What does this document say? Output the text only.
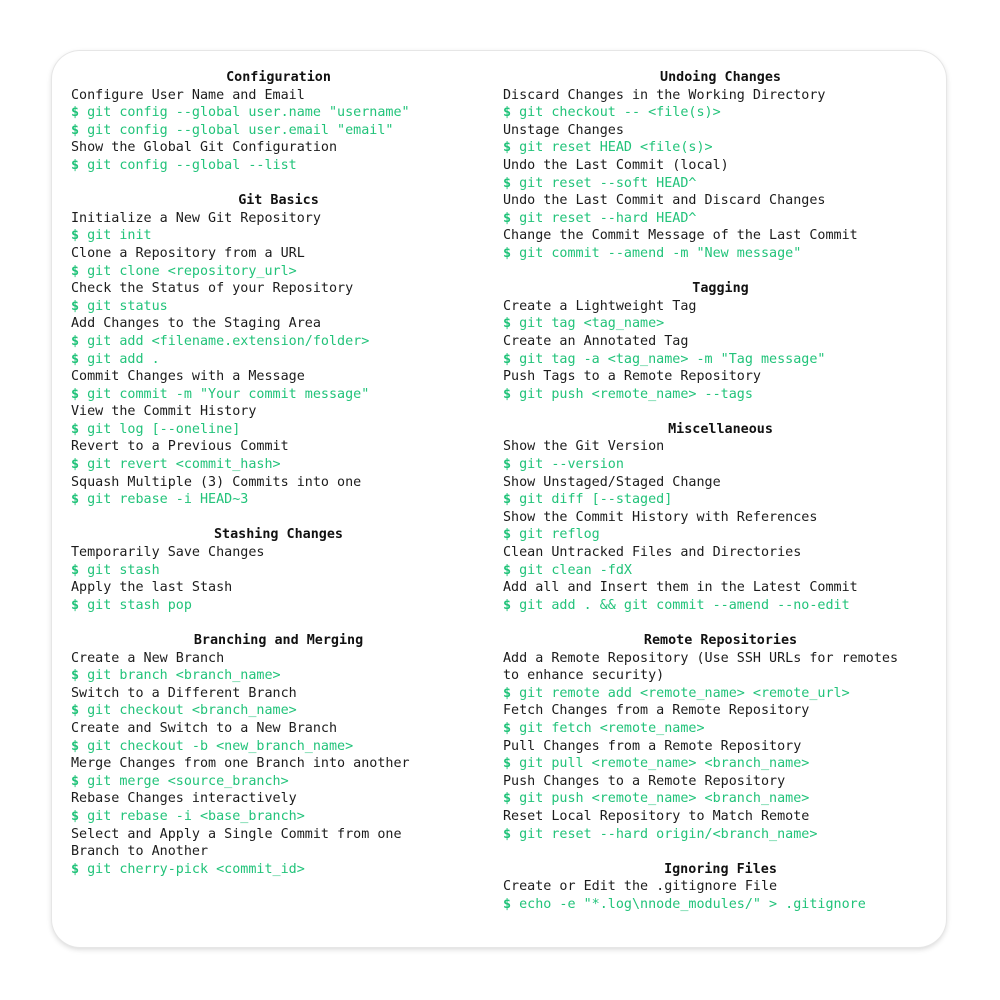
Configuration
Configure User Name and Email
$ git config --global user.name "username"
$ git config --global user.email "email"
Show the Global Git Configuration
$ git config --global --list
Git Basics
Initialize a New Git Repository
$ git init
Clone a Repository from a URL
$ git clone <repository_url>
Check the Status of your Repository
$ git status
Add Changes to the Staging Area
$ git add <filename.extension/folder>
$ git add .
Commit Changes with a Message
$ git commit -m "Your commit message"
View the Commit History
$ git log [--oneline]
Revert to a Previous Commit
$ git revert <commit_hash>
Squash Multiple (3) Commits into one
$ git rebase -i HEAD~3
Stashing Changes
Temporarily Save Changes
$ git stash
Apply the last Stash
$ git stash pop
Branching and Merging
Create a New Branch
$ git branch <branch_name>
Switch to a Different Branch
$ git checkout <branch_name>
Create and Switch to a New Branch
$ git checkout -b <new_branch_name>
Merge Changes from one Branch into another
$ git merge <source_branch>
Rebase Changes interactively
$ git rebase -i <base_branch>
Select and Apply a Single Commit from one
Branch to Another
$ git cherry-pick <commit_id>
Undoing Changes
Discard Changes in the Working Directory
$ git checkout -- <file(s)>
Unstage Changes
$ git reset HEAD <file(s)>
Undo the Last Commit (local)
$ git reset --soft HEAD^
Undo the Last Commit and Discard Changes
$ git reset --hard HEAD^
Change the Commit Message of the Last Commit
$ git commit --amend -m "New message"
Tagging
Create a Lightweight Tag
$ git tag <tag_name>
Create an Annotated Tag
$ git tag -a <tag_name> -m "Tag message"
Push Tags to a Remote Repository
$ git push <remote_name> --tags
Miscellaneous
Show the Git Version
$ git --version
Show Unstaged/Staged Change
$ git diff [--staged]
Show the Commit History with References
$ git reflog
Clean Untracked Files and Directories
$ git clean -fdX
Add all and Insert them in the Latest Commit
$ git add . && git commit --amend --no-edit
Remote Repositories
Add a Remote Repository (Use SSH URLs for remotes
to enhance security)
$ git remote add <remote_name> <remote_url>
Fetch Changes from a Remote Repository
$ git fetch <remote_name>
Pull Changes from a Remote Repository
$ git pull <remote_name> <branch_name>
Push Changes to a Remote Repository
$ git push <remote_name> <branch_name>
Reset Local Repository to Match Remote
$ git reset --hard origin/<branch_name>
Ignoring Files
Create or Edit the .gitignore File
$ echo -e "*.log\nnode_modules/" > .gitignore
